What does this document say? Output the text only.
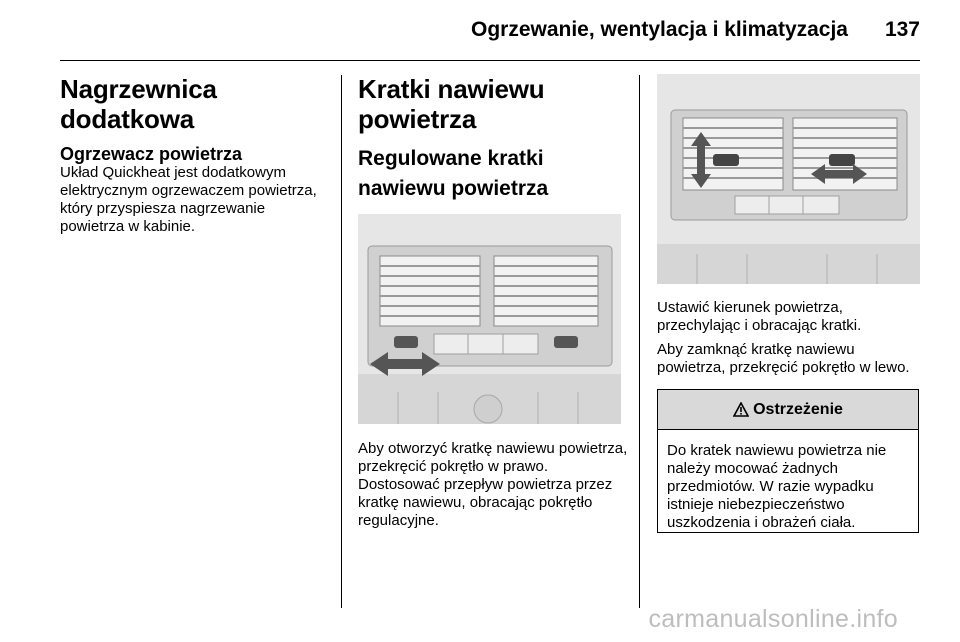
Ogrzewanie, wentylacja i klimatyzacja 137
Nagrzewnica dodatkowa
Ogrzewacz powietrza

Układ Quickheat jest dodatkowym elektrycznym ogrzewaczem powietrza, który przyspiesza nagrzewanie powietrza w kabinie.

Kratki nawiewu powietrza
Regulowane kratki nawiewu powietrza

Aby otworzyć kratkę nawiewu powietrza, przekręcić pokrętło w prawo. Dostosować przepływ powietrza przez kratkę nawiewu, obracając pokrętło regulacyjne.

Ustawić kierunek powietrza, przechylając i obracając kratki.

Aby zamknąć kratkę nawiewu powietrza, przekręcić pokrętło w lewo.

Ostrzeżenie
Do kratek nawiewu powietrza nie należy mocować żadnych przedmiotów. W razie wypadku istnieje niebezpieczeństwo uszkodzenia i obrażeń ciała.
carmanualsonline.info
